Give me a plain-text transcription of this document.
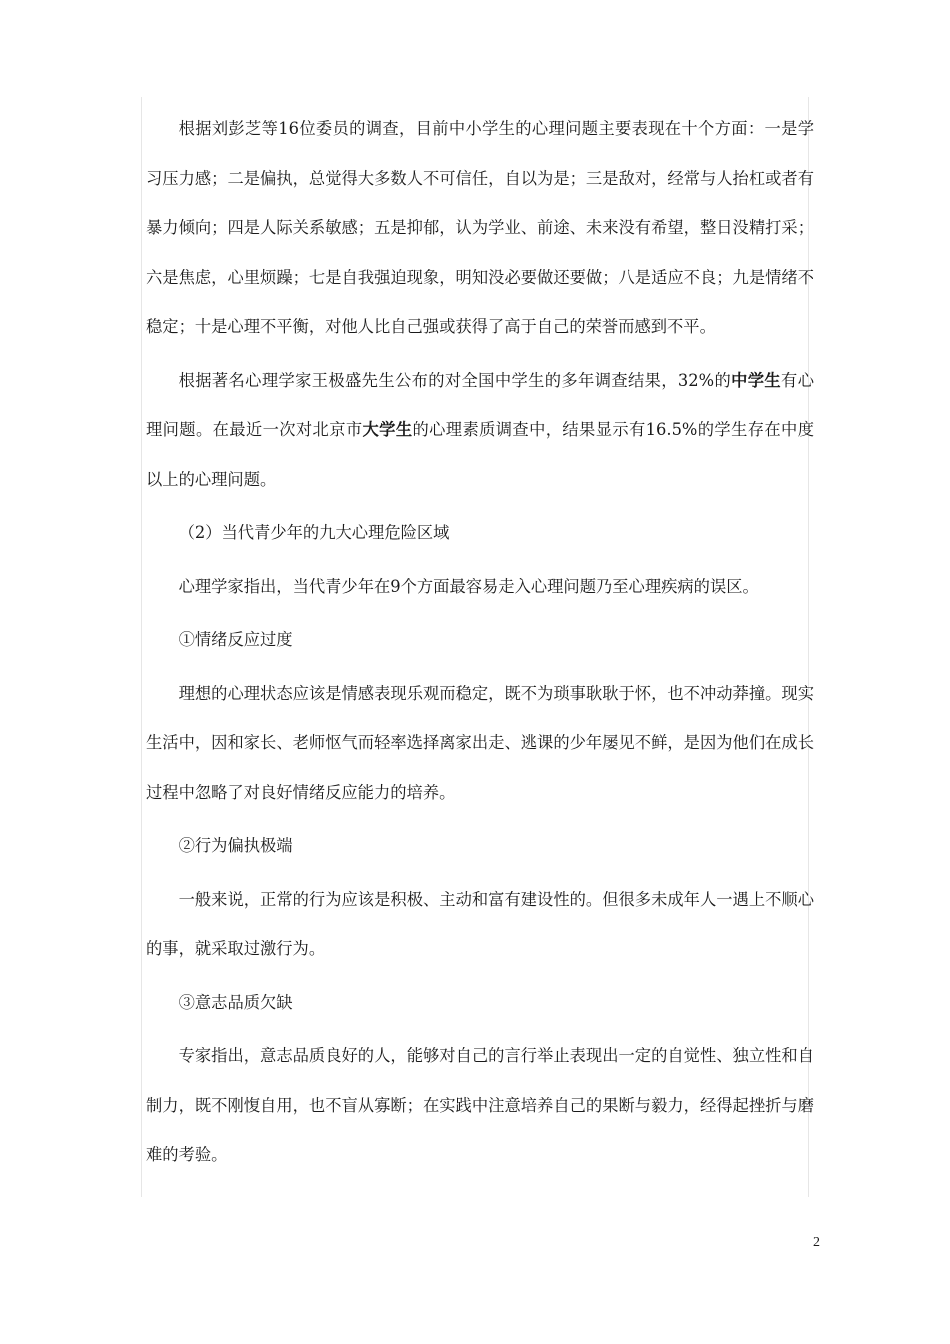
根据刘彭芝等16位委员的调查，目前中小学生的心理问题主要表现在十个方面：一是学习压力感；二是偏执，总觉得大多数人不可信任，自以为是；三是敌对，经常与人抬杠或者有暴力倾向；四是人际关系敏感；五是抑郁，认为学业、前途、未来没有希望，整日没精打采；六是焦虑，心里烦躁；七是自我强迫现象，明知没必要做还要做；八是适应不良；九是情绪不稳定；十是心理不平衡，对他人比自己强或获得了高于自己的荣誉而感到不平。

根据著名心理学家王极盛先生公布的对全国中学生的多年调查结果，32%的中学生有心理问题。在最近一次对北京市大学生的心理素质调查中，结果显示有16.5%的学生存在中度以上的心理问题。

（2）当代青少年的九大心理危险区域

心理学家指出，当代青少年在9个方面最容易走入心理问题乃至心理疾病的误区。

①情绪反应过度

理想的心理状态应该是情感表现乐观而稳定，既不为琐事耿耿于怀，也不冲动莽撞。现实生活中，因和家长、老师怄气而轻率选择离家出走、逃课的少年屡见不鲜，是因为他们在成长过程中忽略了对良好情绪反应能力的培养。

②行为偏执极端

一般来说，正常的行为应该是积极、主动和富有建设性的。但很多未成年人一遇上不顺心的事，就采取过激行为。

③意志品质欠缺

专家指出，意志品质良好的人，能够对自己的言行举止表现出一定的自觉性、独立性和自制力，既不刚愎自用，也不盲从寡断；在实践中注意培养自己的果断与毅力，经得起挫折与磨难的考验。

2
